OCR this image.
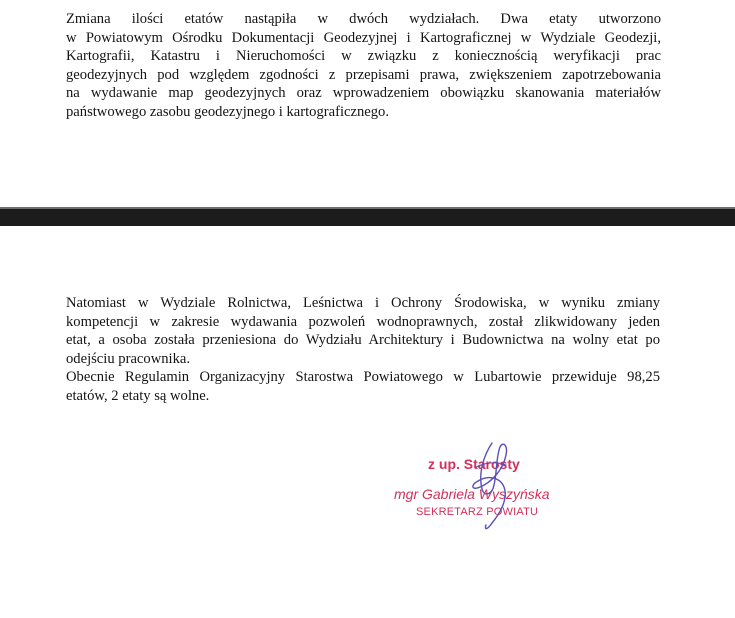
Zmiana ilości etatów nastąpiła w dwóch wydziałach. Dwa etaty utworzono
w Powiatowym Ośrodku Dokumentacji Geodezyjnej i Kartograficznej w Wydziale Geodezji,
Kartografii, Katastru i Nieruchomości w związku z koniecznością weryfikacji prac
geodezyjnych pod względem zgodności z przepisami prawa, zwiększeniem zapotrzebowania
na wydawanie map geodezyjnych oraz wprowadzeniem obowiązku skanowania materiałów
państwowego zasobu geodezyjnego i kartograficznego.
Natomiast w Wydziale Rolnictwa, Leśnictwa i Ochrony Środowiska, w wyniku zmiany
kompetencji w zakresie wydawania pozwoleń wodnoprawnych, został zlikwidowany jeden
etat, a osoba została przeniesiona do Wydziału Architektury i Budownictwa na wolny etat po
odejściu pracownika.
Obecnie Regulamin Organizacyjny Starostwa Powiatowego w Lubartowie przewiduje 98,25
etatów, 2 etaty są wolne.
z up. Starosty
mgr Gabriela Wyszyńska
SEKRETARZ POWIATU
